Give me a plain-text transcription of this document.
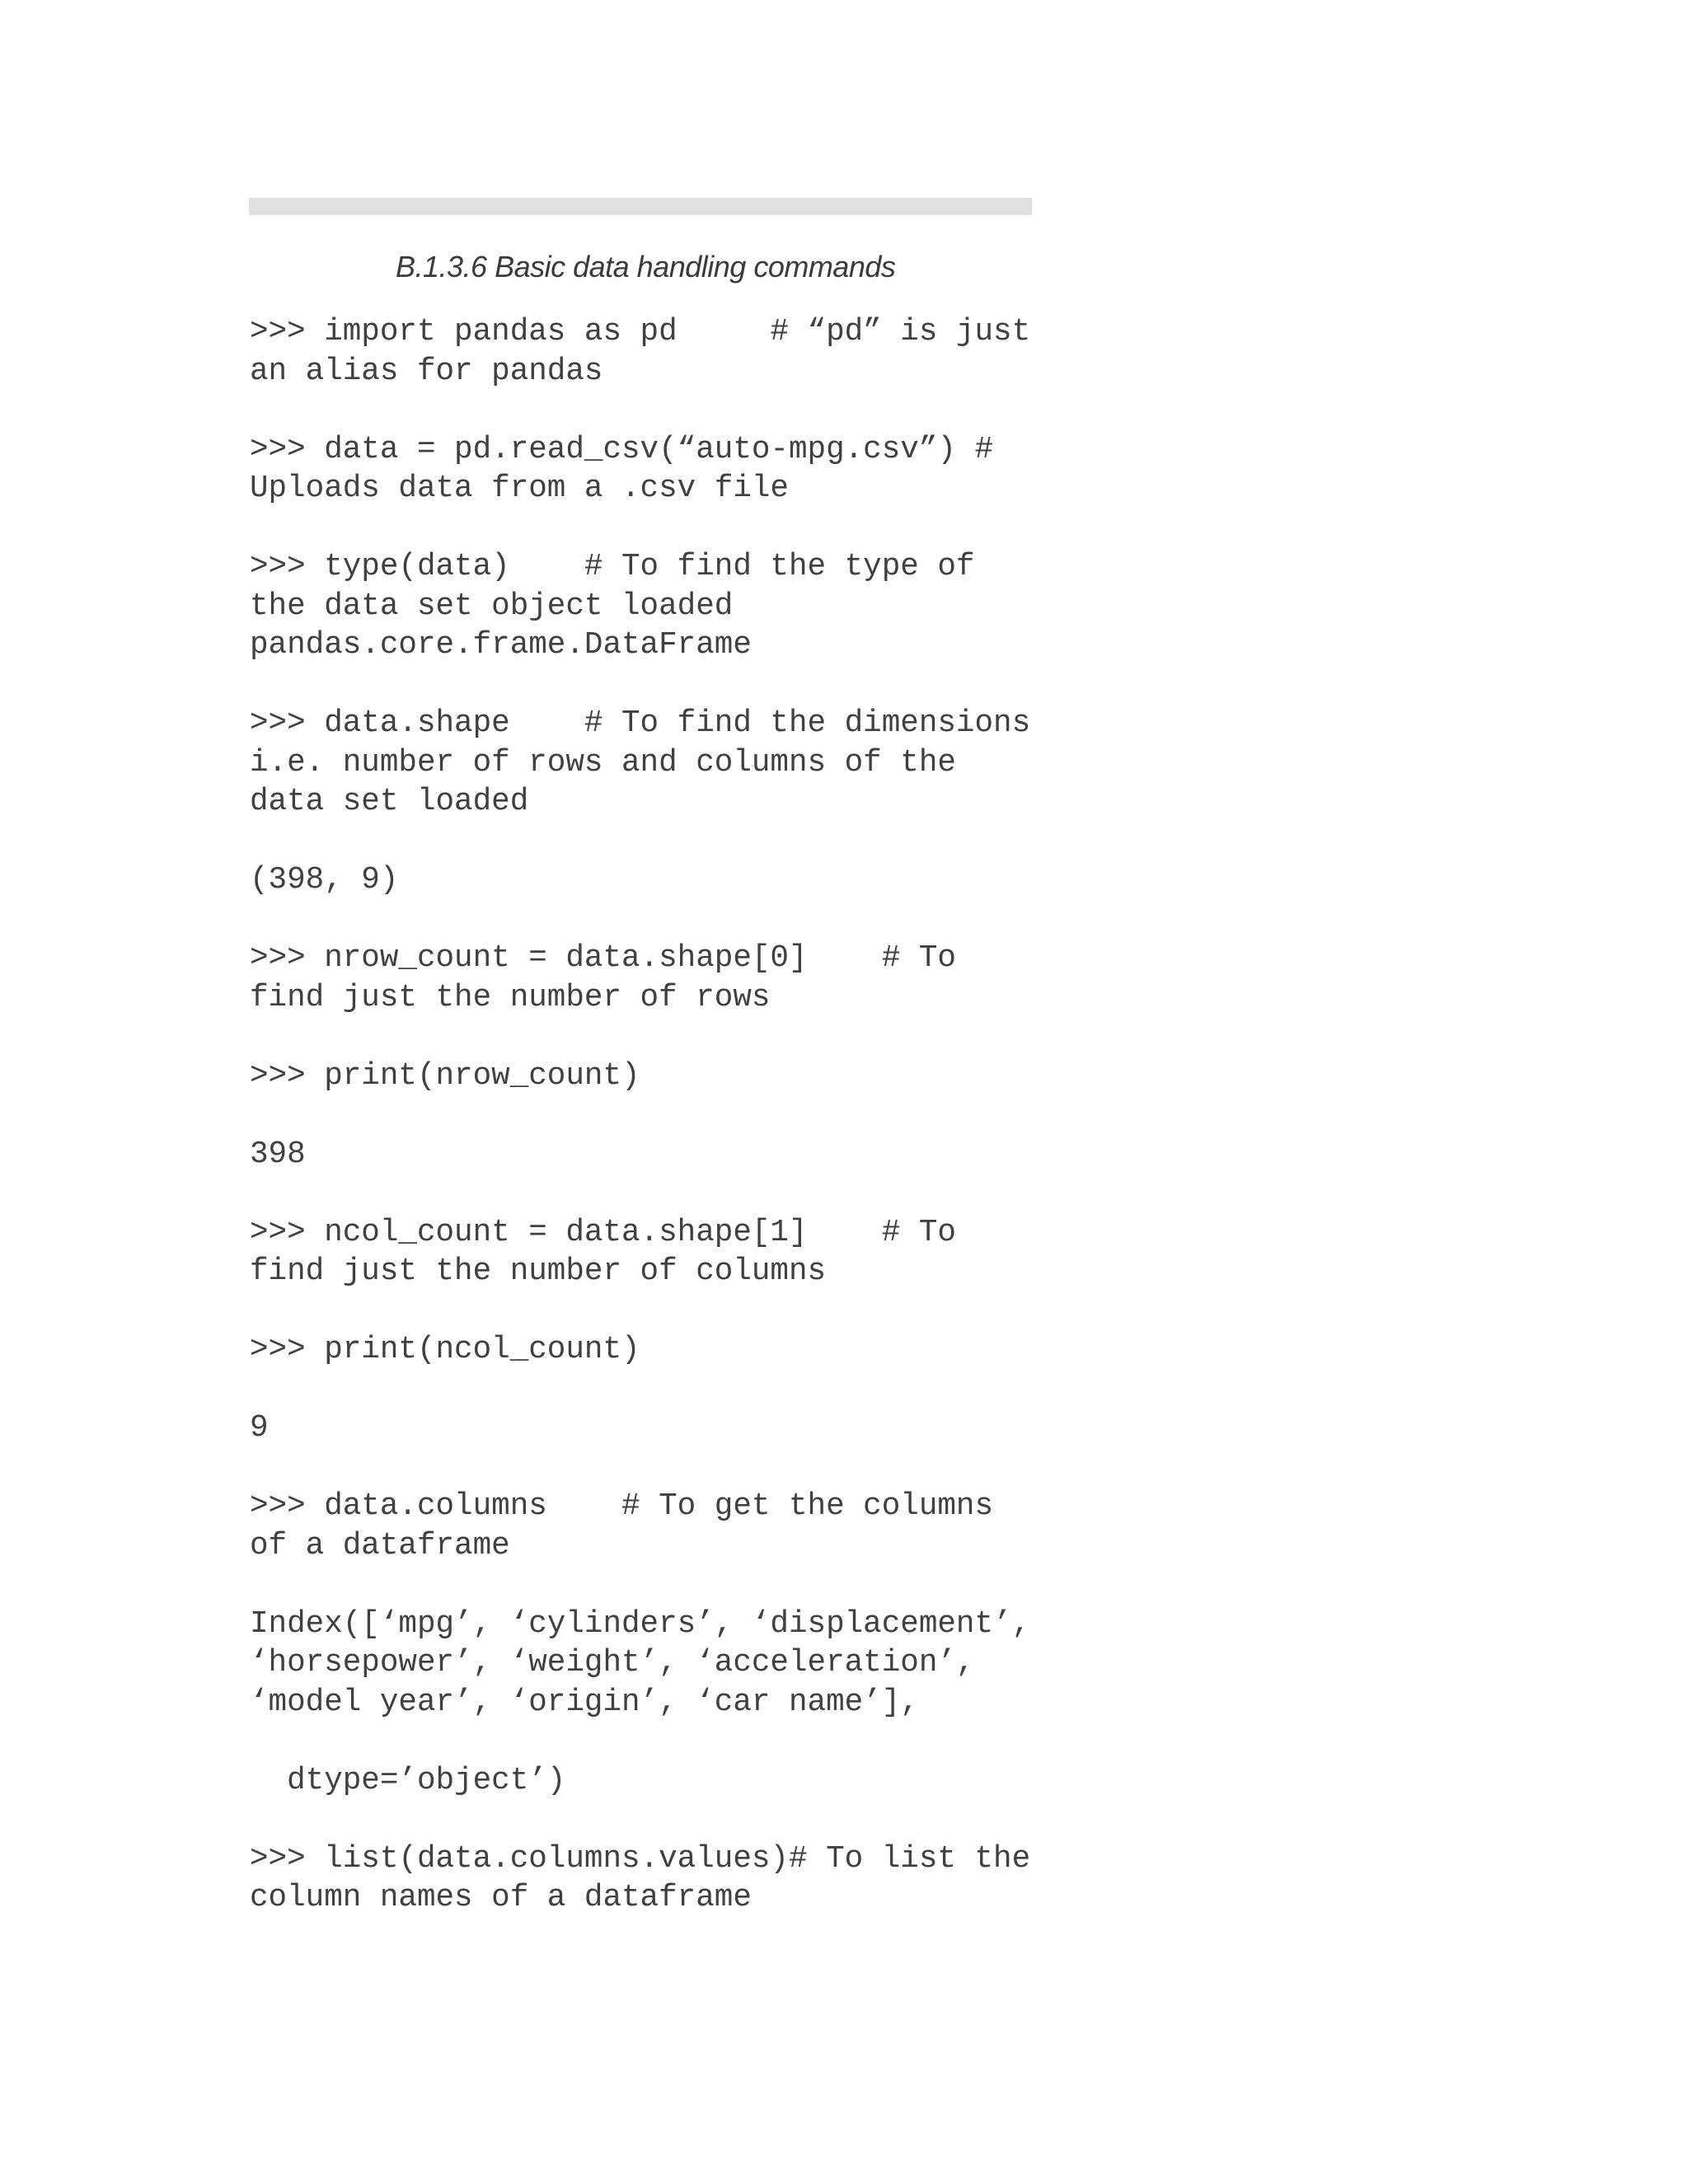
B.1.3.6 Basic data handling commands
>>> import pandas as pd     # “pd” is just
an alias for pandas
>>> data = pd.read_csv(“auto-mpg.csv”) #
Uploads data from a .csv file
>>> type(data)    # To find the type of
the data set object loaded
pandas.core.frame.DataFrame
>>> data.shape    # To find the dimensions
i.e. number of rows and columns of the
data set loaded
(398, 9)
>>> nrow_count = data.shape[0]    # To
find just the number of rows
>>> print(nrow_count)
398
>>> ncol_count = data.shape[1]    # To
find just the number of columns
>>> print(ncol_count)
9
>>> data.columns    # To get the columns
of a dataframe
Index([‘mpg’, ‘cylinders’, ‘displacement’,
‘horsepower’, ‘weight’, ‘acceleration’,
‘model year’, ‘origin’, ‘car name’],
dtype=’object’)
>>> list(data.columns.values)# To list the
column names of a dataframe
